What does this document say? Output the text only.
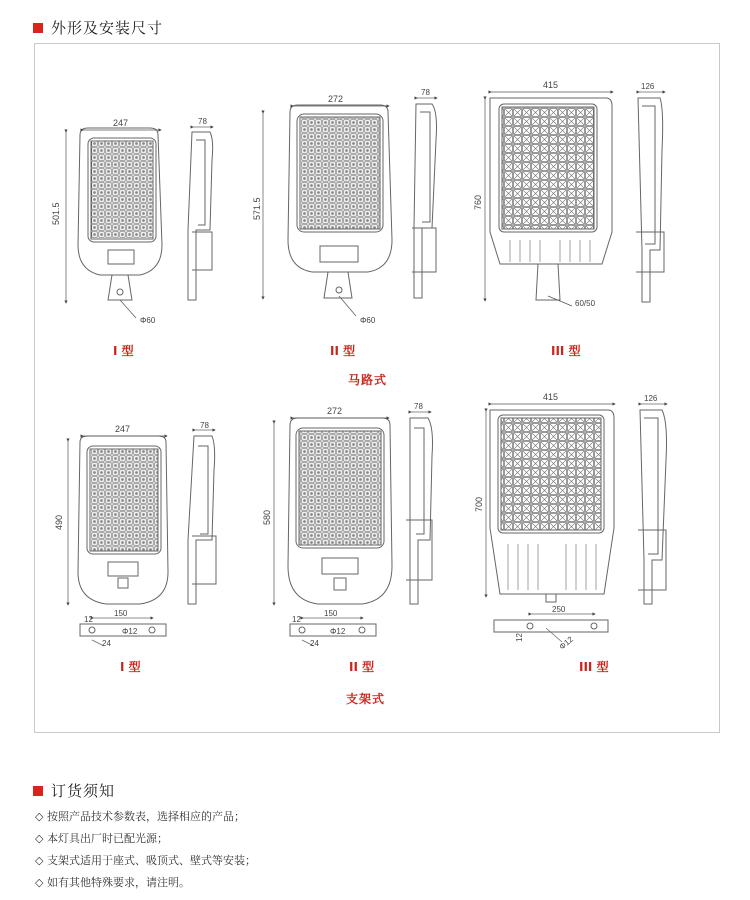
外形及安装尺寸
247
501.5
Φ60
78
272
571.5
Φ60
78
415
760
60/50
126
247
490
78
150
12
Φ12
24
272
580
78
150
12
Φ12
24
415
700
126
250
12	Φ12
I 型	II 型	III 型
马路式
I 型	II 型	III 型
支架式
订货须知
◇ 按照产品技术参数表，选择相应的产品；
◇ 本灯具出厂时已配光源；
◇ 支架式适用于座式、吸顶式、壁式等安装；
◇ 如有其他特殊要求，请注明。
